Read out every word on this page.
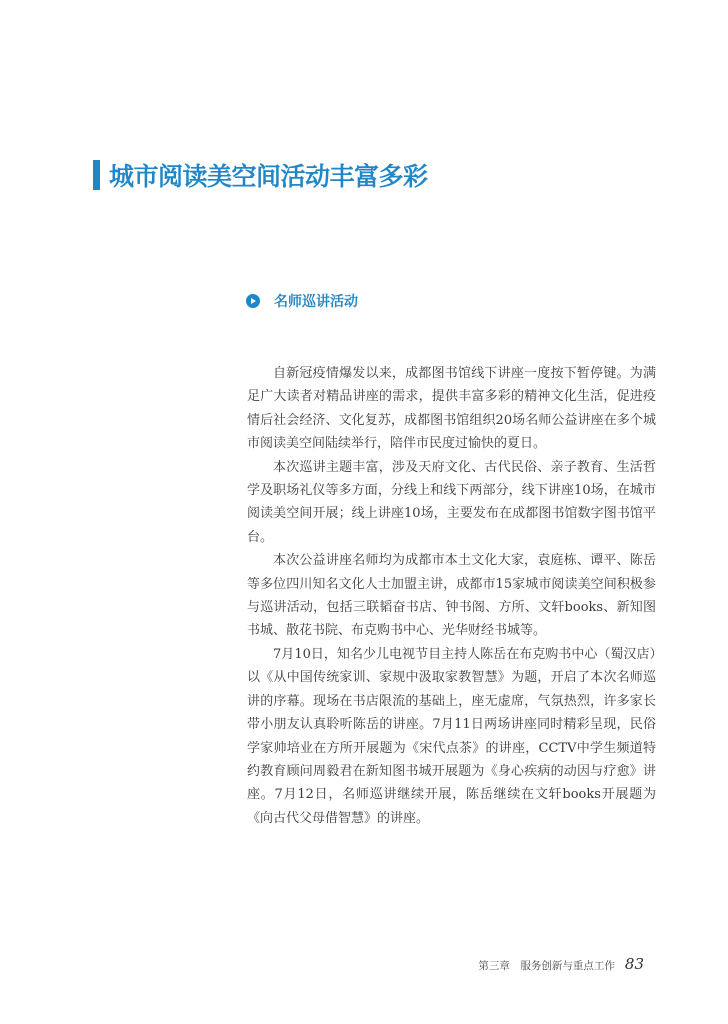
城市阅读美空间活动丰富多彩
名师巡讲活动

自新冠疫情爆发以来，成都图书馆线下讲座一度按下暂停键。为满足广大读者对精品讲座的需求，提供丰富多彩的精神文化生活，促进疫情后社会经济、文化复苏，成都图书馆组织20场名师公益讲座在多个城市阅读美空间陆续举行，陪伴市民度过愉快的夏日。

本次巡讲主题丰富，涉及天府文化、古代民俗、亲子教育、生活哲学及职场礼仪等多方面，分线上和线下两部分，线下讲座10场，在城市阅读美空间开展；线上讲座10场，主要发布在成都图书馆数字图书馆平台。

本次公益讲座名师均为成都市本土文化大家，袁庭栋、谭平、陈岳等多位四川知名文化人士加盟主讲，成都市15家城市阅读美空间积极参与巡讲活动，包括三联韬奋书店、钟书阁、方所、文轩books、新知图书城、散花书院、布克购书中心、光华财经书城等。

7月10日，知名少儿电视节目主持人陈岳在布克购书中心（蜀汉店）以《从中国传统家训、家规中汲取家教智慧》为题，开启了本次名师巡讲的序幕。现场在书店限流的基础上，座无虚席，气氛热烈，许多家长带小朋友认真聆听陈岳的讲座。7月11日两场讲座同时精彩呈现，民俗学家帅培业在方所开展题为《宋代点茶》的讲座，CCTV中学生频道特约教育顾问周毅君在新知图书城开展题为《身心疾病的动因与疗愈》讲座。7月12日，名师巡讲继续开展，陈岳继续在文轩books开展题为《向古代父母借智慧》的讲座。

第三章　服务创新与重点工作 83
